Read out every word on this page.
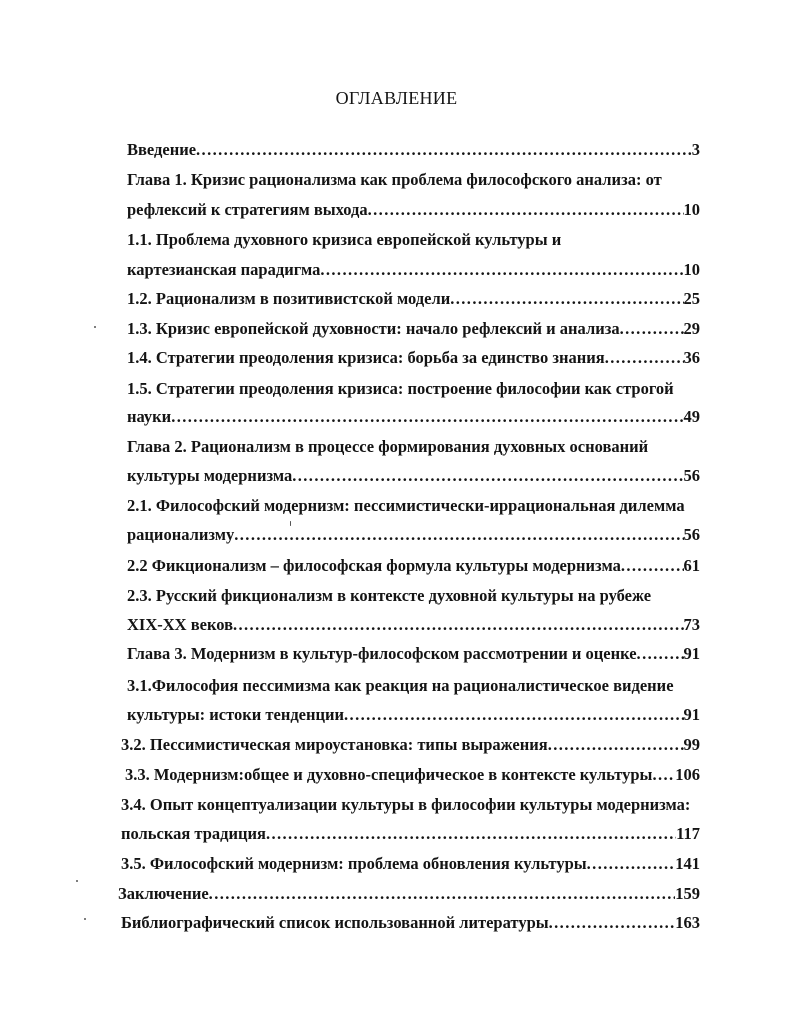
ОГЛАВЛЕНИЕ
Введение .....	3
Глава 1. Кризис рационализма как проблема философского анализа: от
рефлексий к стратегиям выхода .....	10
1.1. Проблема духовного кризиса европейской культуры и
картезианская парадигма .....	10
1.2. Рационализм в позитивистской модели .....	25
1.3. Кризис европейской духовности: начало рефлексий и анализа .....	29
1.4. Стратегии преодоления кризиса: борьба за единство знания .....	36
1.5. Стратегии преодоления кризиса: построение философии как строгой
науки .....	49
Глава 2. Рационализм в процессе формирования духовных оснований
культуры модернизма .....	56
2.1. Философский модернизм: пессимистически-иррациональная дилемма
рационализму .....	56
2.2 Фикционализм – философская формула культуры модернизма .....	61
2.3. Русский фикционализм в контексте духовной культуры на рубеже
XIX-XX веков .....	73
Глава 3. Модернизм в культур-философском рассмотрении и оценке .....	91
3.1.Философия пессимизма как реакция на рационалистическое видение
культуры: истоки тенденции .....	91
3.2. Пессимистическая мироустановка: типы выражения .....	99
3.3. Модернизм:общее и духовно-специфическое в контексте культуры ..... 106
3.4. Опыт концептуализации культуры в философии культуры модернизма:
польская традиция .....	117
3.5. Философский модернизм: проблема обновления культуры .....	141
Заключение .....	159
Библиографический список использованной литературы .....	163
